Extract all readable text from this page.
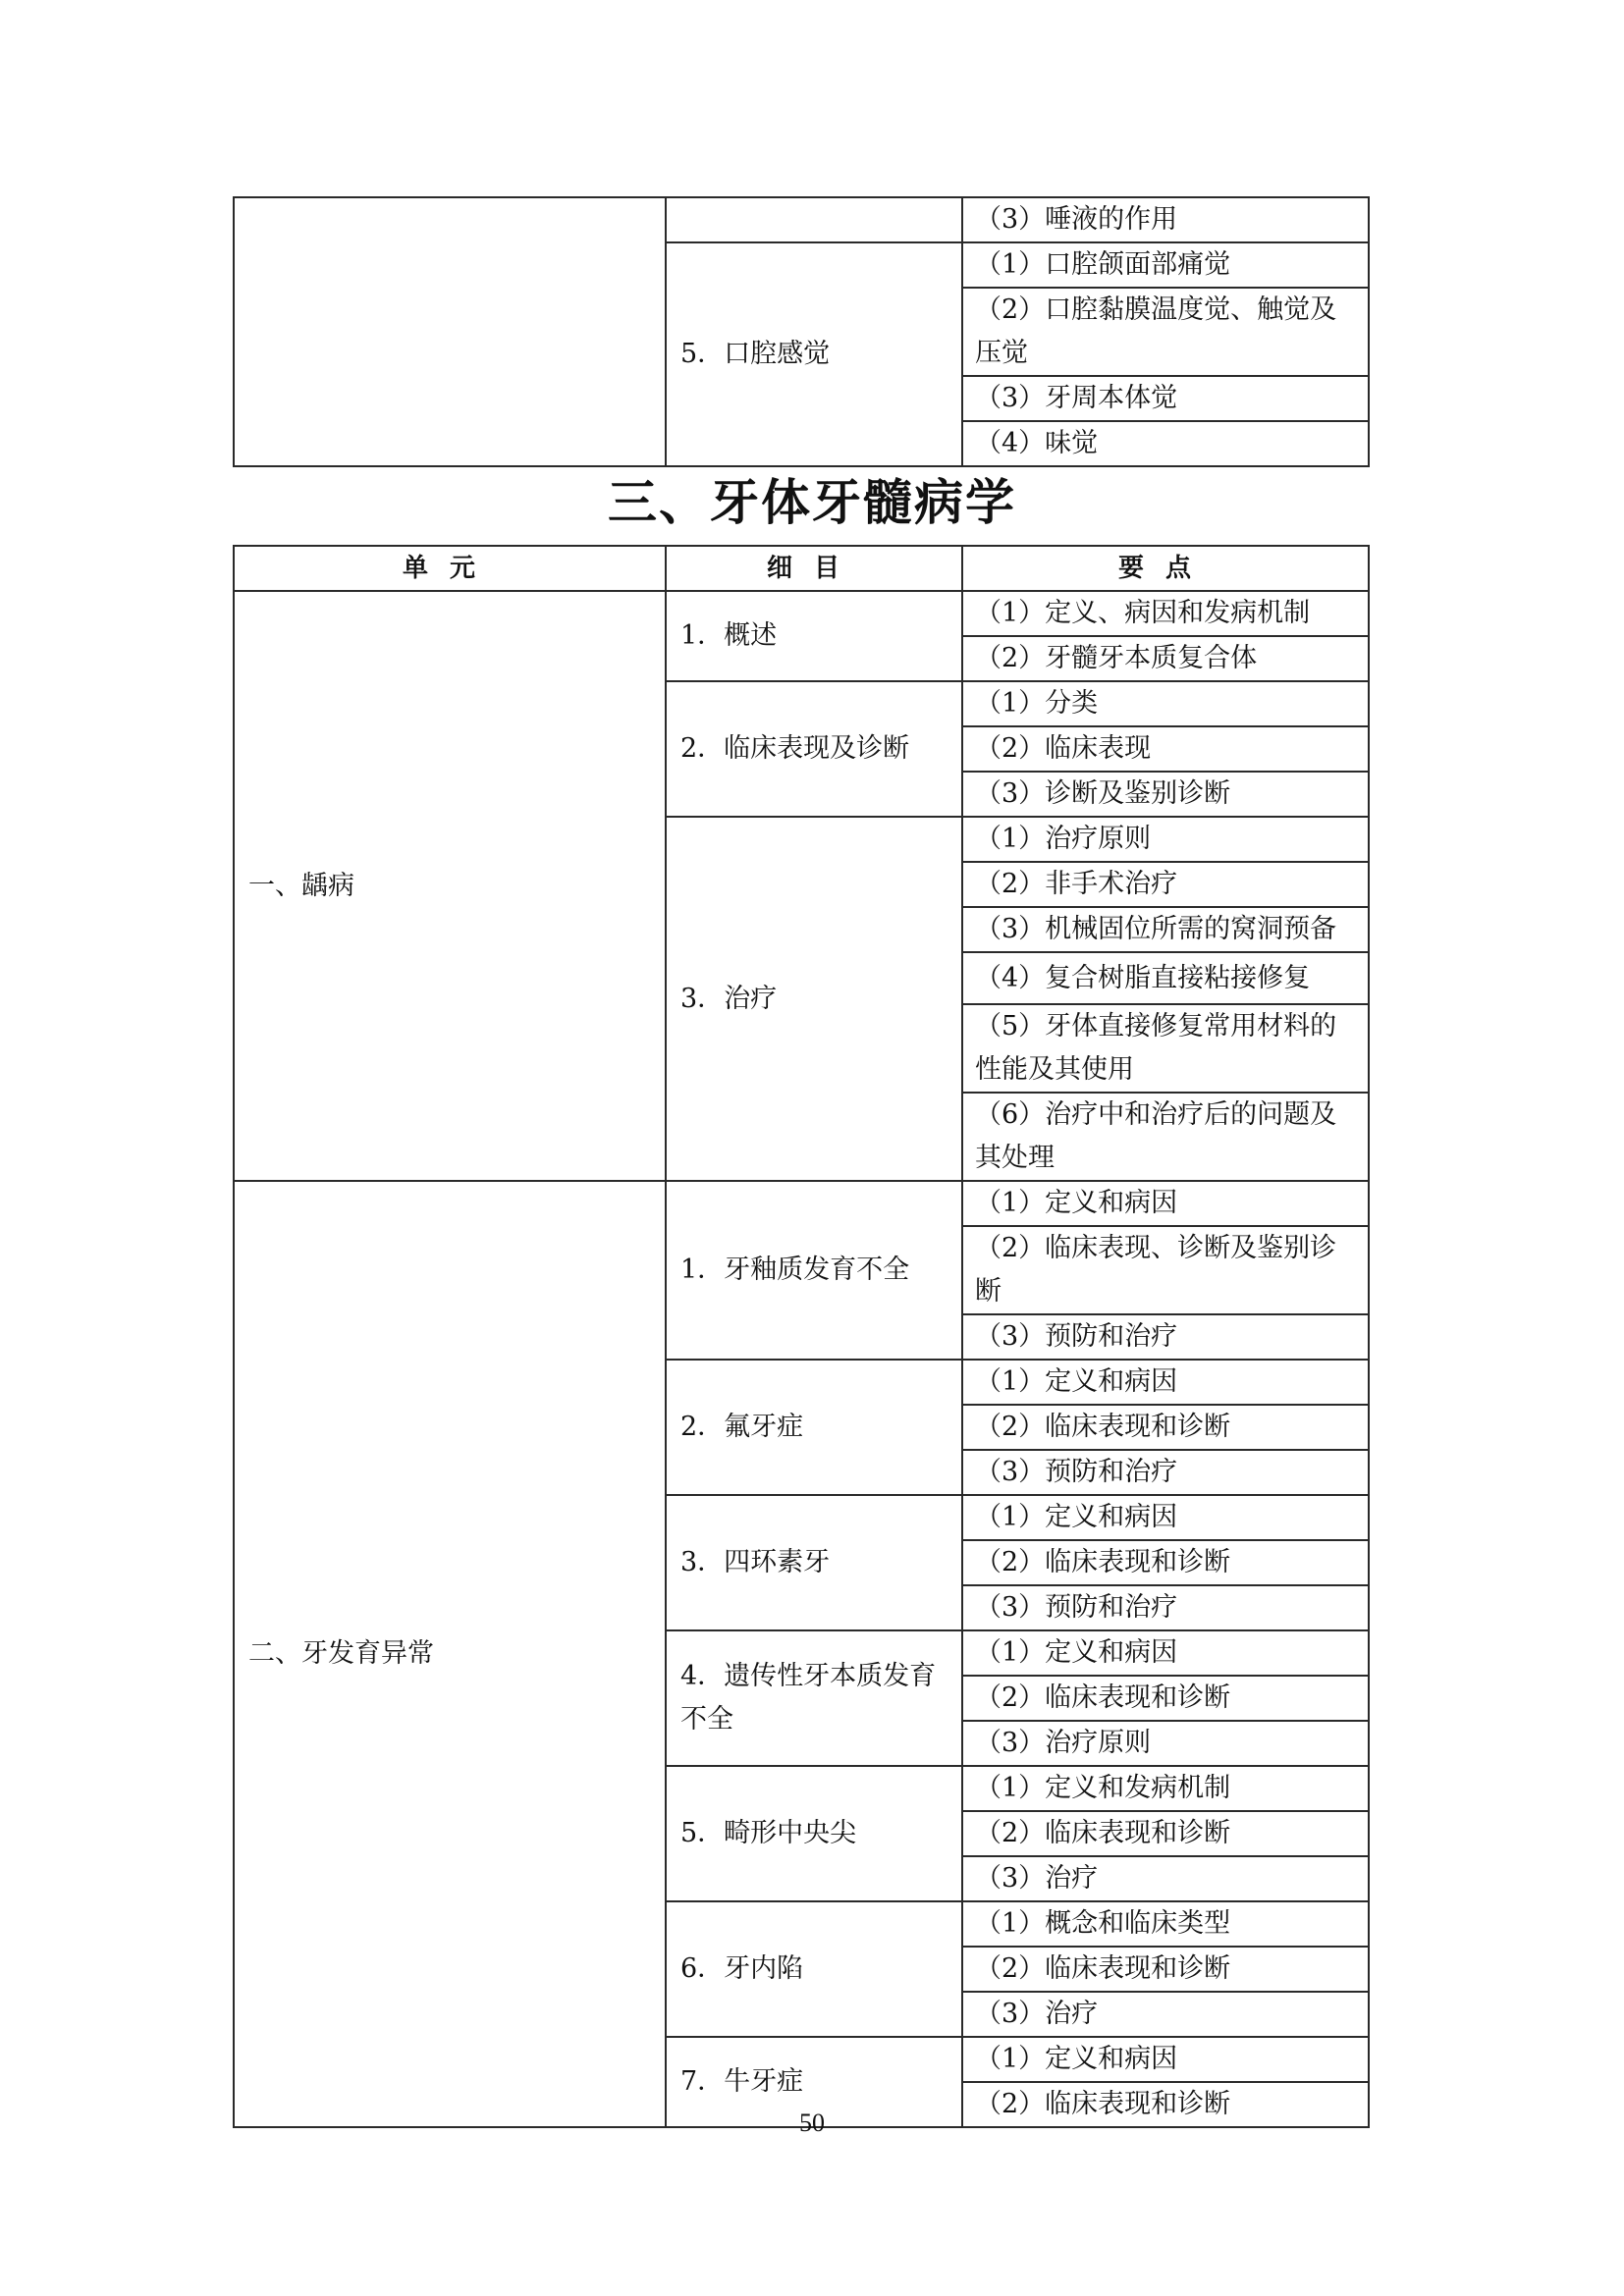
		（3）唾液的作用
	5．口腔感觉	（1）口腔颌面部痛觉
		（2）口腔黏膜温度觉、触觉及压觉
		（3）牙周本体觉
		（4）味觉
三、牙体牙髓病学
单元	细目	要点
一、龋病	1．概述	（1）定义、病因和发病机制
		（2）牙髓牙本质复合体
	2．临床表现及诊断	（1）分类
		（2）临床表现
		（3）诊断及鉴别诊断
	3．治疗	（1）治疗原则
		（2）非手术治疗
		（3）机械固位所需的窝洞预备
		（4）复合树脂直接粘接修复
		（5）牙体直接修复常用材料的性能及其使用
		（6）治疗中和治疗后的问题及其处理
二、牙发育异常	1．牙釉质发育不全	（1）定义和病因
		（2）临床表现、诊断及鉴别诊断
		（3）预防和治疗
	2．氟牙症	（1）定义和病因
		（2）临床表现和诊断
		（3）预防和治疗
	3．四环素牙	（1）定义和病因
		（2）临床表现和诊断
		（3）预防和治疗
	4．遗传性牙本质发育不全	（1）定义和病因
		（2）临床表现和诊断
		（3）治疗原则
	5．畸形中央尖	（1）定义和发病机制
		（2）临床表现和诊断
		（3）治疗
	6．牙内陷	（1）概念和临床类型
		（2）临床表现和诊断
		（3）治疗
	7．牛牙症	（1）定义和病因
		（2）临床表现和诊断
50
